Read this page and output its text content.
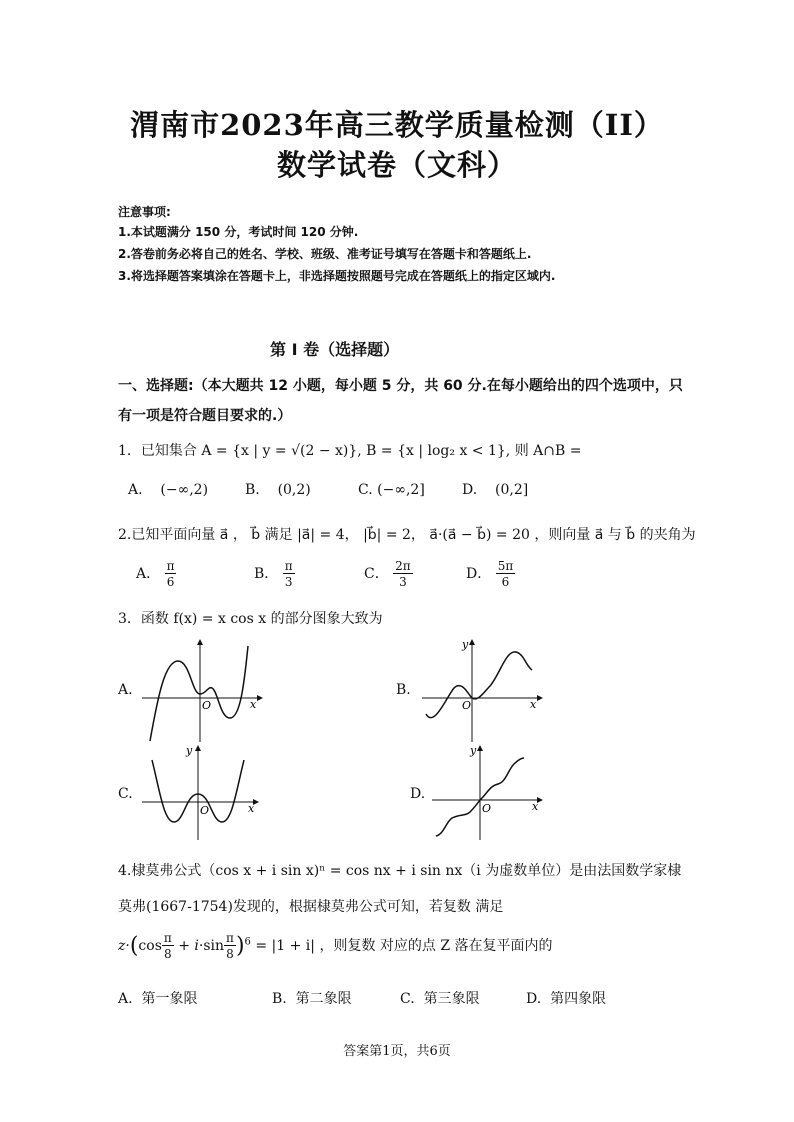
渭南市2023年高三教学质量检测（II）
数学试卷（文科）
注意事项:
1.本试题满分 150 分，考试时间 120 分钟.
2.答卷前务必将自己的姓名、学校、班级、准考证号填写在答题卡和答题纸上.
3.将选择题答案填涂在答题卡上，非选择题按照题号完成在答题纸上的指定区域内.
第 I 卷（选择题）
一、选择题:（本大题共 12 小题，每小题 5 分，共 60 分.在每小题给出的四个选项中，只
有一项是符合题目要求的.）
1．已知集合 A = {x | y = √(2 − x)}, B = {x | log₂ x < 1}, 则 A∩B =
A. (−∞,2)	B. (0,2)	C. (−∞,2]	D. (0,2]
2.已知平面向量 a⃗ ， b⃗ 满足 |a⃗| = 4， |b⃗| = 2， a⃗·(a⃗ − b⃗) = 20 ，则向量 a⃗ 与 b⃗ 的夹角为
A． $\frac{\pi}{6}$	B． $\frac{\pi}{3}$	C． $\frac{2\pi}{3}$	D． $\frac{5\pi}{6}$
3．函数 f(x) = x cos x 的部分图象大致为
A.	B.
C.	D.
x
O
y
x
O
y
x
O
y
x
O
4.棣莫弗公式（cos x + i sin x)ⁿ = cos nx + i sin nx（i 为虚数单位）是由法国数学家棣
莫弗(1667-1754)发现的，根据棣莫弗公式可知，若复数 满足
$z\cdot(\cos \frac{\pi}{8} + i\cdot\sin \frac{\pi}{8} )^6 = |1 + i|$ ，则复数 对应的点 Z 落在复平面内的
A. 第一象限	B. 第二象限	C. 第三象限	D. 第四象限
答案第1页，共6页
